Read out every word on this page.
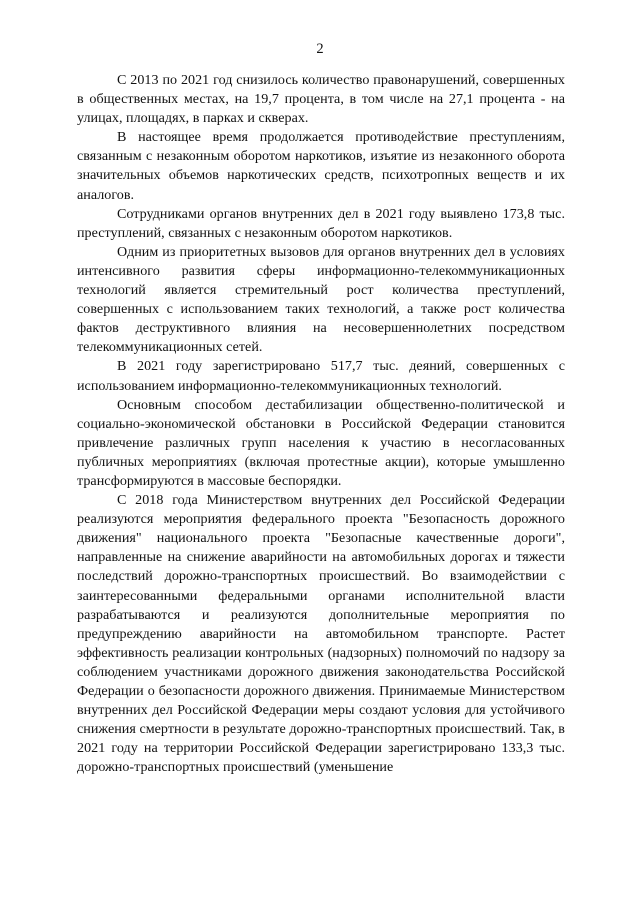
2

С 2013 по 2021 год снизилось количество правонарушений, совершенных в общественных местах, на 19,7 процента, в том числе на 27,1 процента - на улицах, площадях, в парках и скверах.

В настоящее время продолжается противодействие преступлениям, связанным с незаконным оборотом наркотиков, изъятие из незаконного оборота значительных объемов наркотических средств, психотропных веществ и их аналогов.

Сотрудниками органов внутренних дел в 2021 году выявлено 173,8 тыс. преступлений, связанных с незаконным оборотом наркотиков.

Одним из приоритетных вызовов для органов внутренних дел в условиях интенсивного развития сферы информационно-телекоммуникационных технологий является стремительный рост количества преступлений, совершенных с использованием таких технологий, а также рост количества фактов деструктивного влияния на несовершеннолетних посредством телекоммуникационных сетей.

В 2021 году зарегистрировано 517,7 тыс. деяний, совершенных с использованием информационно-телекоммуникационных технологий.

Основным способом дестабилизации общественно-политической и социально-экономической обстановки в Российской Федерации становится привлечение различных групп населения к участию в несогласованных публичных мероприятиях (включая протестные акции), которые умышленно трансформируются в массовые беспорядки.

С 2018 года Министерством внутренних дел Российской Федерации реализуются мероприятия федерального проекта "Безопасность дорожного движения" национального проекта "Безопасные качественные дороги", направленные на снижение аварийности на автомобильных дорогах и тяжести последствий дорожно-транспортных происшествий. Во взаимодействии с заинтересованными федеральными органами исполнительной власти разрабатываются и реализуются дополнительные мероприятия по предупреждению аварийности на автомобильном транспорте. Растет эффективность реализации контрольных (надзорных) полномочий по надзору за соблюдением участниками дорожного движения законодательства Российской Федерации о безопасности дорожного движения. Принимаемые Министерством внутренних дел Российской Федерации меры создают условия для устойчивого снижения смертности в результате дорожно-транспортных происшествий. Так, в 2021 году на территории Российской Федерации зарегистрировано 133,3 тыс. дорожно-транспортных происшествий (уменьшение
